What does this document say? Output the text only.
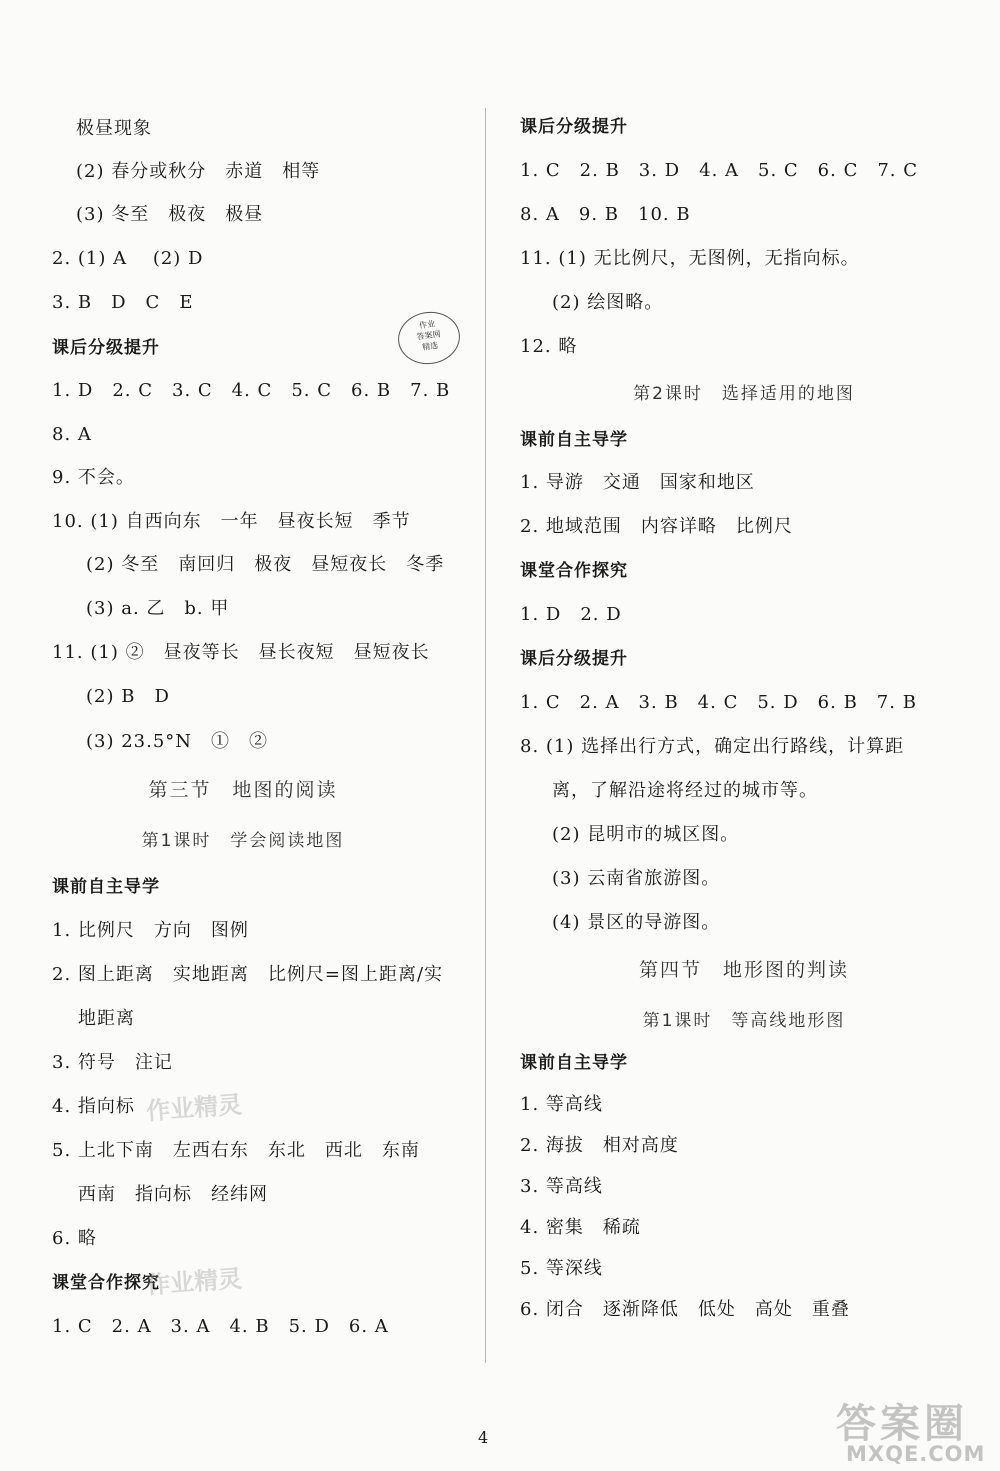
极昼现象
(2) 春分或秋分　赤道　相等
(3) 冬至　极夜　极昼
2. (1) A　 (2) D
3. B　D　C　E
课后分级提升
1. D　2. C　3. C　4. C　5. C　6. B　7. B
8. A
9. 不会。
10. (1) 自西向东　一年　昼夜长短　季节
(2) 冬至　南回归　极夜　昼短夜长　冬季
(3) a. 乙　b. 甲
11. (1) ②　昼夜等长　昼长夜短　昼短夜长
(2) B　D
(3) 23.5°N　①　②
第三节　地图的阅读
第1课时　学会阅读地图
课前自主导学
1. 比例尺　方向　图例
2. 图上距离　实地距离　比例尺=图上距离/实
地距离
3. 符号　注记
4. 指向标
5. 上北下南　左西右东　东北　西北　东南
西南　指向标　经纬网
6. 略
课堂合作探究
1. C　2. A　3. A　4. B　5. D　6. A
课后分级提升
1. C　2. B　3. D　4. A　5. C　6. C　7. C
8. A　9. B　10. B
11. (1) 无比例尺，无图例，无指向标。
(2) 绘图略。
12. 略
第2课时　选择适用的地图
课前自主导学
1. 导游　交通　国家和地区
2. 地域范围　内容详略　比例尺
课堂合作探究
1. D　2. D
课后分级提升
1. C　2. A　3. B　4. C　5. D　6. B　7. B
8. (1) 选择出行方式，确定出行路线，计算距
离，了解沿途将经过的城市等。
(2) 昆明市的城区图。
(3) 云南省旅游图。
(4) 景区的导游图。
第四节　地形图的判读
第1课时　等高线地形图
课前自主导学
1. 等高线
2. 海拔　相对高度
3. 等高线
4. 密集　稀疏
5. 等深线
6. 闭合　逐渐降低　低处　高处　重叠
作业
答案网
精选
作业精灵
作业精灵
4	答案圈
MXQE.COM
